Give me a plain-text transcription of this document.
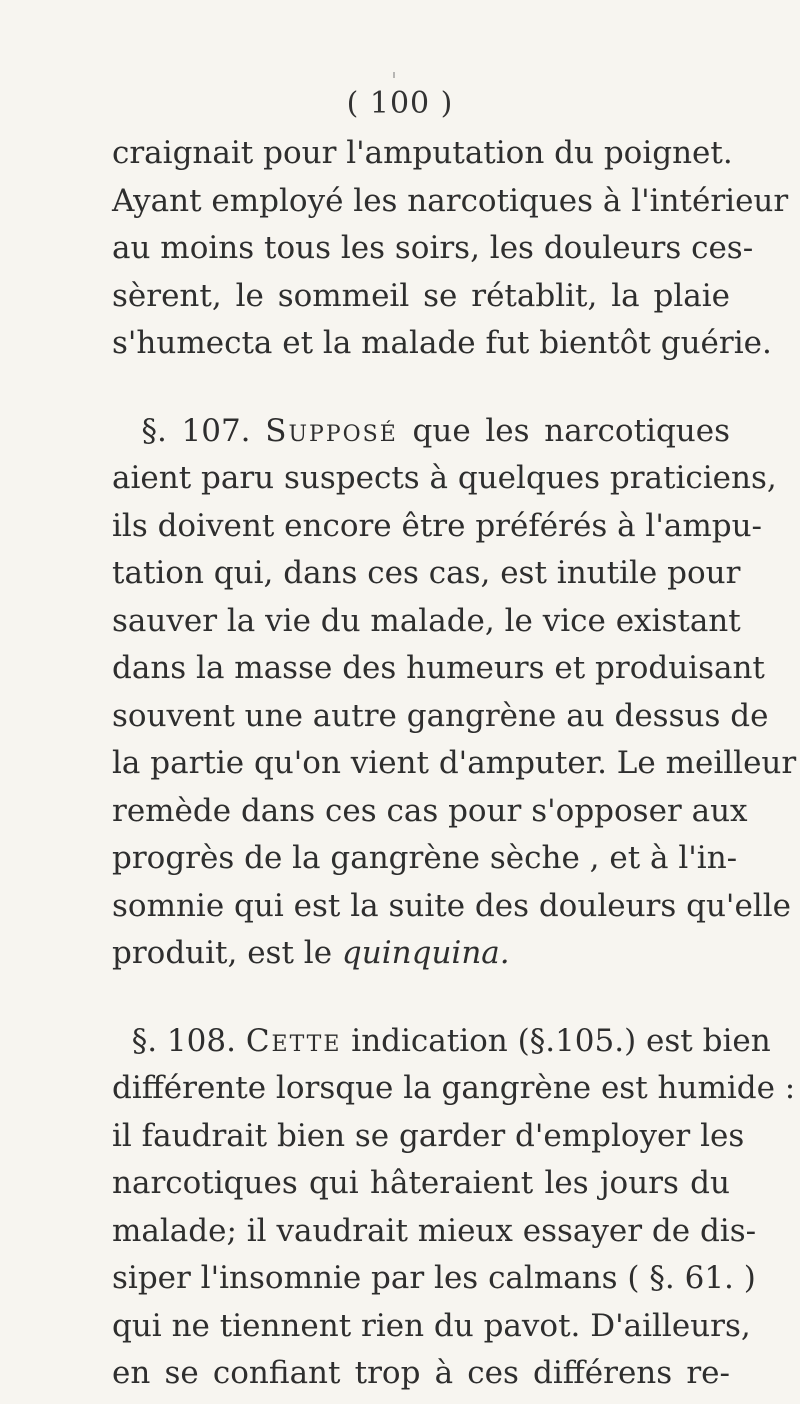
( 100 )
craignait pour l'amputation du poignet.
Ayant employé les narcotiques à l'intérieur
au moins tous les soirs, les douleurs ces-
sèrent, le sommeil se rétablit, la plaie
s'humecta et la malade fut bientôt guérie.
§. 107. Supposé que les narcotiques
aient paru suspects à quelques praticiens,
ils doivent encore être préférés à l'ampu-
tation qui, dans ces cas, est inutile pour
sauver la vie du malade, le vice existant
dans la masse des humeurs et produisant
souvent une autre gangrène au dessus de
la partie qu'on vient d'amputer. Le meilleur
remède dans ces cas pour s'opposer aux
progrès de la gangrène sèche , et à l'in-
somnie qui est la suite des douleurs qu'elle
produit, est le quinquina.
§. 108. Cette indication (§.105.) est bien
différente lorsque la gangrène est humide :
il faudrait bien se garder d'employer les
narcotiques qui hâteraient les jours du
malade; il vaudrait mieux essayer de dis-
siper l'insomnie par les calmans ( §. 61. )
qui ne tiennent rien du pavot. D'ailleurs,
en se confiant trop à ces différens re-
